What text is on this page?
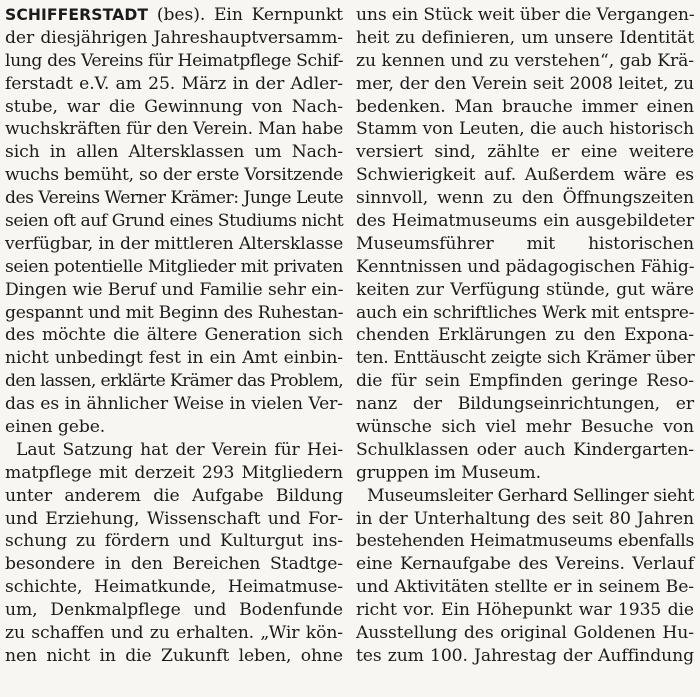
SCHIFFERSTADT (bes). Ein Kernpunkt
der diesjährigen Jahreshauptversamm-
lung des Vereins für Heimatpflege Schif-
ferstadt e.V. am 25. März in der Adler-
stube, war die Gewinnung von Nach-
wuchskräften für den Verein. Man habe
sich in allen Altersklassen um Nach-
wuchs bemüht, so der erste Vorsitzende
des Vereins Werner Krämer: Junge Leute
seien oft auf Grund eines Studiums nicht
verfügbar, in der mittleren Altersklasse
seien potentielle Mitglieder mit privaten
Dingen wie Beruf und Familie sehr ein-
gespannt und mit Beginn des Ruhestan-
des möchte die ältere Generation sich
nicht unbedingt fest in ein Amt einbin-
den lassen, erklärte Krämer das Problem,
das es in ähnlicher Weise in vielen Ver-
einen gebe.
Laut Satzung hat der Verein für Hei-
matpflege mit derzeit 293 Mitgliedern
unter anderem die Aufgabe Bildung
und Erziehung, Wissenschaft und For-
schung zu fördern und Kulturgut ins-
besondere in den Bereichen Stadtge-
schichte, Heimatkunde, Heimatmuse-
um, Denkmalpflege und Bodenfunde
zu schaffen und zu erhalten. „Wir kön-
nen nicht in die Zukunft leben, ohne
uns ein Stück weit über die Vergangen-
heit zu definieren, um unsere Identität
zu kennen und zu verstehen“, gab Krä-
mer, der den Verein seit 2008 leitet, zu
bedenken. Man brauche immer einen
Stamm von Leuten, die auch historisch
versiert sind, zählte er eine weitere
Schwierigkeit auf. Außerdem wäre es
sinnvoll, wenn zu den Öffnungszeiten
des Heimatmuseums ein ausgebildeter
Museumsführer mit historischen
Kenntnissen und pädagogischen Fähig-
keiten zur Verfügung stünde, gut wäre
auch ein schriftliches Werk mit entspre-
chenden Erklärungen zu den Expona-
ten. Enttäuscht zeigte sich Krämer über
die für sein Empfinden geringe Reso-
nanz der Bildungseinrichtungen, er
wünsche sich viel mehr Besuche von
Schulklassen oder auch Kindergarten-
gruppen im Museum.
Museumsleiter Gerhard Sellinger sieht
in der Unterhaltung des seit 80 Jahren
bestehenden Heimatmuseums ebenfalls
eine Kernaufgabe des Vereins. Verlauf
und Aktivitäten stellte er in seinem Be-
richt vor. Ein Höhepunkt war 1935 die
Ausstellung des original Goldenen Hu-
tes zum 100. Jahrestag der Auffindung
